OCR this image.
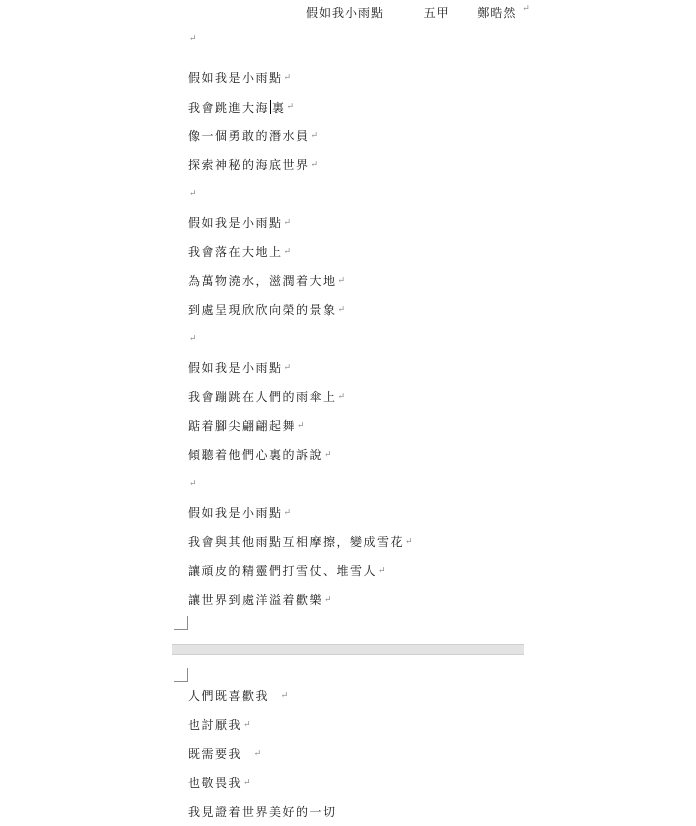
假如我小雨點	五甲 鄭晧然 ↵
↵
假如我是小雨點↵
我會跳進大海 裏↵
像一個勇敢的潛水員↵
探索神秘的海底世界↵
↵
假如我是小雨點↵
我會落在大地上↵
為萬物澆水，滋潤着大地↵
到處呈現欣欣向榮的景象↵
↵
假如我是小雨點↵
我會蹦跳在人們的雨傘上↵
踮着腳尖翩翩起舞↵
傾聽着他們心裏的訴說↵
↵
假如我是小雨點↵
我會與其他雨點互相摩擦，變成雪花↵
讓頑皮的精靈們打雪仗、堆雪人↵
讓世界到處洋溢着歡樂↵
人們既喜歡我 ↵
也討厭我↵
既需要我 ↵
也敬畏我↵
我見證着世界美好的一切
